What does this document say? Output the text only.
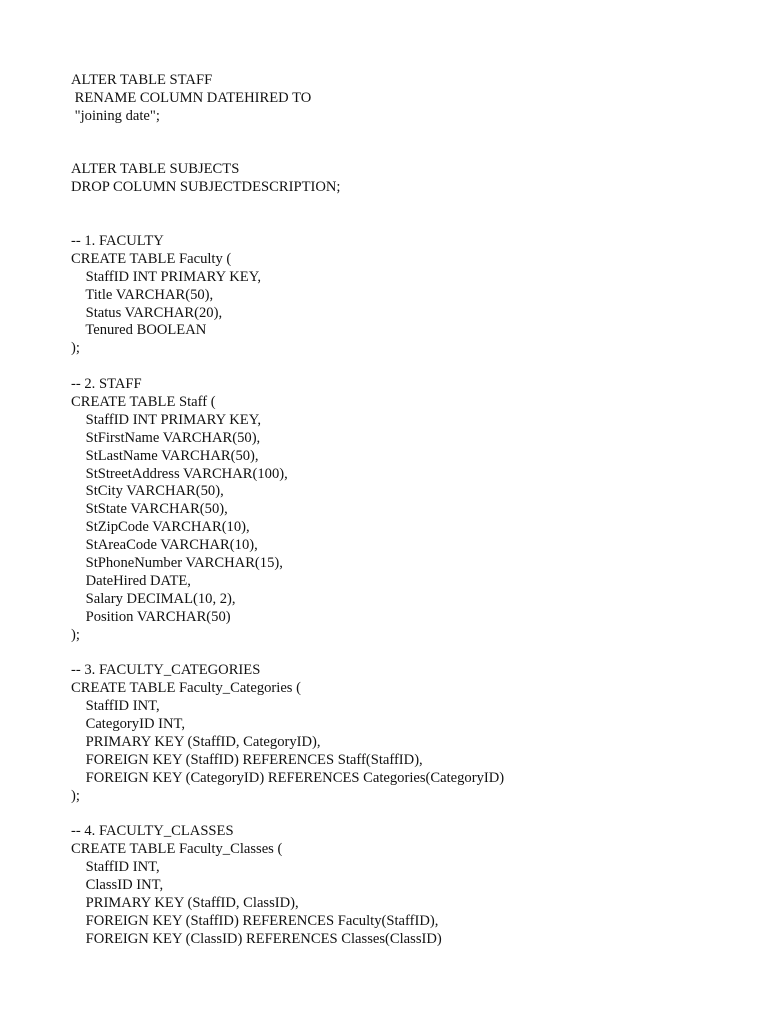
ALTER TABLE STAFF
RENAME COLUMN DATEHIRED TO
"joining date";
ALTER TABLE SUBJECTS
DROP COLUMN SUBJECTDESCRIPTION;
-- 1. FACULTY
CREATE TABLE Faculty (
StaffID INT PRIMARY KEY,
Title VARCHAR(50),
Status VARCHAR(20),
Tenured BOOLEAN
);
-- 2. STAFF
CREATE TABLE Staff (
StaffID INT PRIMARY KEY,
StFirstName VARCHAR(50),
StLastName VARCHAR(50),
StStreetAddress VARCHAR(100),
StCity VARCHAR(50),
StState VARCHAR(50),
StZipCode VARCHAR(10),
StAreaCode VARCHAR(10),
StPhoneNumber VARCHAR(15),
DateHired DATE,
Salary DECIMAL(10, 2),
Position VARCHAR(50)
);
-- 3. FACULTY_CATEGORIES
CREATE TABLE Faculty_Categories (
StaffID INT,
CategoryID INT,
PRIMARY KEY (StaffID, CategoryID),
FOREIGN KEY (StaffID) REFERENCES Staff(StaffID),
FOREIGN KEY (CategoryID) REFERENCES Categories(CategoryID)
);
-- 4. FACULTY_CLASSES
CREATE TABLE Faculty_Classes (
StaffID INT,
ClassID INT,
PRIMARY KEY (StaffID, ClassID),
FOREIGN KEY (StaffID) REFERENCES Faculty(StaffID),
FOREIGN KEY (ClassID) REFERENCES Classes(ClassID)
